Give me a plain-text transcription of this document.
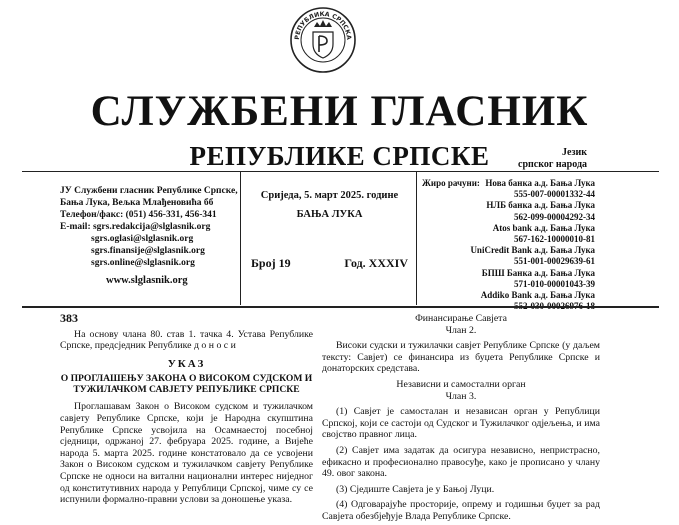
РЕПУБЛИКА СРПСКА
СЛУЖБЕНИ ГЛАСНИК
РЕПУБЛИКЕ СРПСКЕ	Језик
српског народа
ЈУ Службени гласник Републике Српске,
Бања Лука, Вељка Млађеновића бб
Телефон/факс: (051) 456-331, 456-341
E-mail: sgrs.redakcija@slglasnik.org
sgrs.oglasi@slglasnik.org
sgrs.finansije@slglasnik.org
sgrs.online@slglasnik.org
www.slglasnik.org
Сриједа, 5. март 2025. године
БАЊА ЛУКА
Број 19	Год. XXXIV
Жиро рачуни: Нова банка а.д. Бања Лука
555-007-00001332-44
НЛБ банка а.д. Бања Лука
562-099-00004292-34
Atos bank а.д. Бања Лука
567-162-10000010-81
UniCredit Bank а.д. Бања Лука
551-001-00029639-61
БПШ Банка а.д. Бања Лука
571-010-00001043-39
Addiko Bank а.д. Бања Лука
552-030-00026976-18
383

На основу члана 80. став 1. тачка 4. Устава Републике Српске, предсједник Републике д о н о с и

УКАЗ
О ПРОГЛАШЕЊУ ЗАКОНА О ВИСОКОМ СУДСКОМ И ТУЖИЛАЧКОМ САВЈЕТУ РЕПУБЛИКЕ СРПСКЕ

Проглашавам Закон о Високом судском и тужилачком савјету Републике Српске, који је Народна скупштина Републике Српске усвојила на Осамнаестој посебној сједници, одржаној 27. фебруара 2025. године, а Вијеће народа 5. марта 2025. године констатовало да се усвојени Закон о Високом судском и тужилачком савјету Републике Српске не односи на витални национални интерес ниједног од конститутивних народа у Републици Српској, чиме су се испунили формално-правни услови за доношење указа.

Финансирање Савјета

Члан 2.

Високи судски и тужилачки савјет Републике Српске (у даљем тексту: Савјет) се финансира из буџета Републике Српске и донаторских средстава.

Независни и самостални орган

Члан 3.

(1) Савјет је самосталан и независан орган у Републици Српској, који се састоји од Судског и Тужилачког одјељења, и има својство правног лица.

(2) Савјет има задатак да осигура независно, непристрасно, ефикасно и професионално правосуђе, како је прописано у члану 49. овог закона.

(3) Сједиште Савјета је у Бањој Луци.

(4) Одговарајуће просторије, опрему и годишњи буџет за рад Савјета обезбјеђује Влада Републике Српске.
